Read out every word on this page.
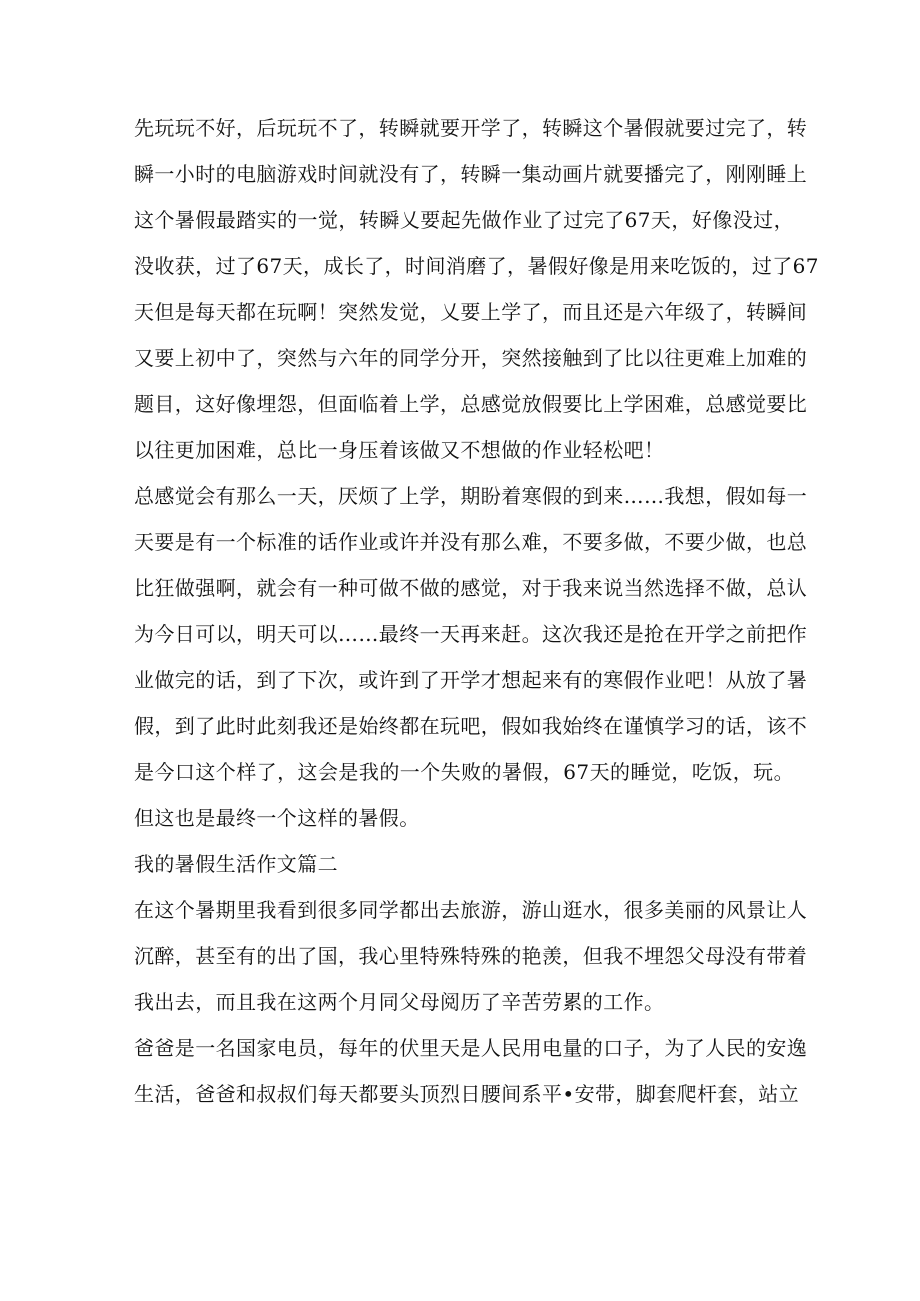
先玩玩不好，后玩玩不了，转瞬就要开学了，转瞬这个暑假就要过完了，转
瞬一小时的电脑游戏时间就没有了，转瞬一集动画片就要播完了，刚刚睡上
这个暑假最踏实的一觉，转瞬乂要起先做作业了过完了67天，好像没过，
没收获，过了67天，成长了，时间消磨了，暑假好像是用来吃饭的，过了67
天但是每天都在玩啊！突然发觉，乂要上学了，而且还是六年级了，转瞬间
又要上初中了，突然与六年的同学分开，突然接触到了比以往更难上加难的
题目，这好像埋怨，但面临着上学，总感觉放假要比上学困难，总感觉要比
以往更加困难，总比一身压着该做又不想做的作业轻松吧！
总感觉会有那么一天，厌烦了上学，期盼着寒假的到来……我想，假如每一
天要是有一个标准的话作业或许并没有那么难，不要多做，不要少做，也总
比狂做强啊，就会有一种可做不做的感觉，对于我来说当然选择不做，总认
为今日可以，明天可以……最终一天再来赶。这次我还是抢在开学之前把作
业做完的话，到了下次，或许到了开学才想起来有的寒假作业吧！从放了暑
假，到了此时此刻我还是始终都在玩吧，假如我始终在谨慎学习的话，该不
是今口这个样了，这会是我的一个失败的暑假，67天的睡觉，吃饭，玩。
但这也是最终一个这样的暑假。
我的暑假生活作文篇二
在这个暑期里我看到很多同学都出去旅游，游山逛水，很多美丽的风景让人
沉醉，甚至有的出了国，我心里特殊特殊的艳羡，但我不埋怨父母没有带着
我出去，而且我在这两个月同父母阅历了辛苦劳累的工作。
爸爸是一名国家电员，每年的伏里天是人民用电量的口子，为了人民的安逸
生活，爸爸和叔叔们每天都要头顶烈日腰间系平•安带，脚套爬杆套，站立
